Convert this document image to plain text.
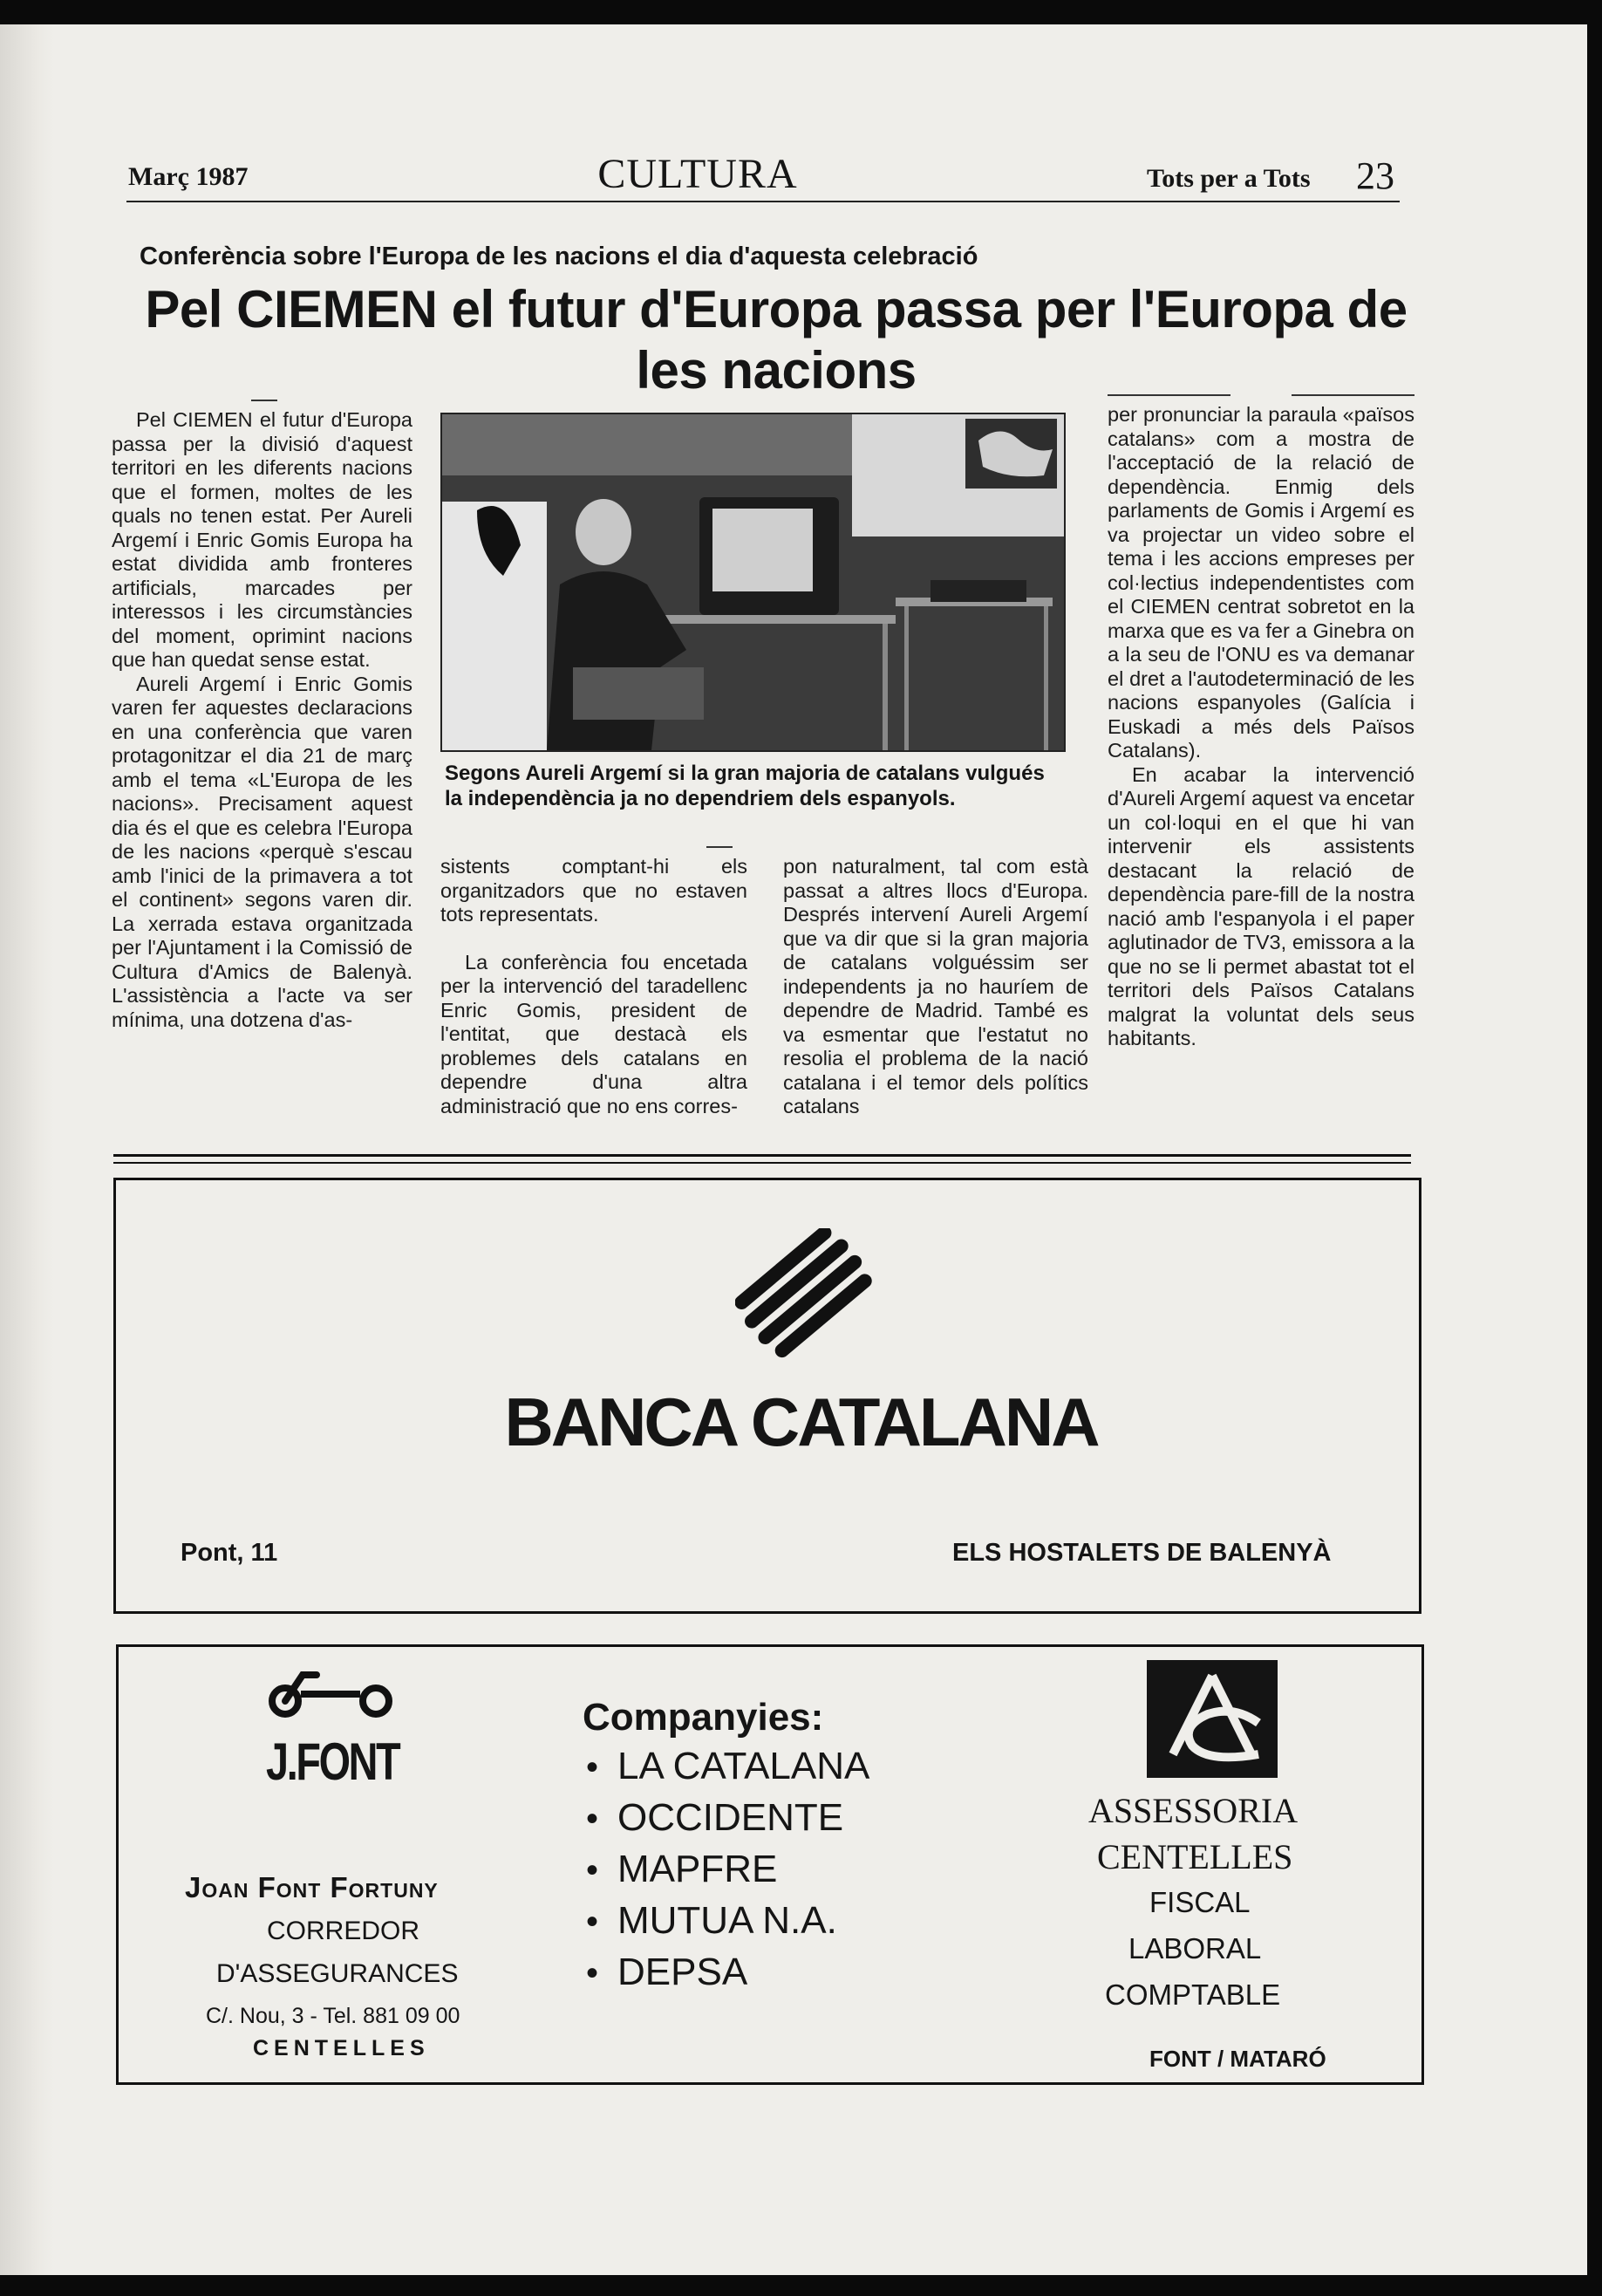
Març 1987	CULTURA	Tots per a Tots 23
Conferència sobre l'Europa de les nacions el dia d'aquesta celebració
Pel CIEMEN el futur d'Europa passa per l'Europa de les nacions

Pel CIEMEN el futur d'Europa passa per la divisió d'aquest territori en les diferents nacions que el formen, moltes de les quals no tenen estat. Per Aureli Argemí i Enric Gomis Europa ha estat dividida amb fronteres artificials, marcades per interessos i les circumstàncies del moment, oprimint nacions que han quedat sense estat.

Aureli Argemí i Enric Gomis varen fer aquestes declaracions en una conferència que varen protagonitzar el dia 21 de març amb el tema «L'Europa de les nacions». Precisament aquest dia és el que es celebra l'Europa de les nacions «perquè s'escau amb l'inici de la primavera a tot el continent» segons varen dir. La xerrada estava organitzada per l'Ajuntament i la Comissió de Cultura d'Amics de Balenyà. L'assistència a l'acte va ser mínima, una dotzena d'as-

Segons Aureli Argemí si la gran majoria de catalans vulgués la independència ja no dependriem dels espanyols.

sistents comptant-hi els organitzadors que no estaven tots representats.

La conferència fou encetada per la intervenció del taradellenc Enric Gomis, president de l'entitat, que destacà els problemes dels catalans en dependre d'una altra administració que no ens corres-

pon naturalment, tal com està passat a altres llocs d'Europa. Després intervení Aureli Argemí que va dir que si la gran majoria de catalans volguéssim ser independents ja no hauríem de dependre de Madrid. També es va esmentar que l'estatut no resolia el problema de la nació catalana i el temor dels polítics catalans

per pronunciar la paraula «països catalans» com a mostra de l'acceptació de la relació de dependència. Enmig dels parlaments de Gomis i Argemí es va projectar un video sobre el tema i les accions empreses per col·lectius independentistes com el CIEMEN centrat sobretot en la marxa que es va fer a Ginebra on a la seu de l'ONU es va demanar el dret a l'autodeterminació de les nacions espanyoles (Galícia i Euskadi a més dels Països Catalans).

En acabar la intervenció d'Aureli Argemí aquest va encetar un col·loqui en el que hi van intervenir els assistents destacant la relació de dependència pare-fill de la nostra nació amb l'espanyola i el paper aglutinador de TV3, emissora a la que no se li permet abastat tot el territori dels Països Catalans malgrat la voluntat dels seus habitants.

BANCA CATALANA
Pont, 11	ELS HOSTALETS DE BALENYÀ
J.FONT
Joan Font Fortuny
CORREDOR
D'ASSEGURANCES
C/. Nou, 3 - Tel. 881 09 00
CENTELLES
Companyies:
• LA CATALANA
• OCCIDENTE
• MAPFRE
• MUTUA N.A.
• DEPSA
ASSESSORIA
CENTELLES
FISCAL
LABORAL
COMPTABLE
FONT / MATARÓ
